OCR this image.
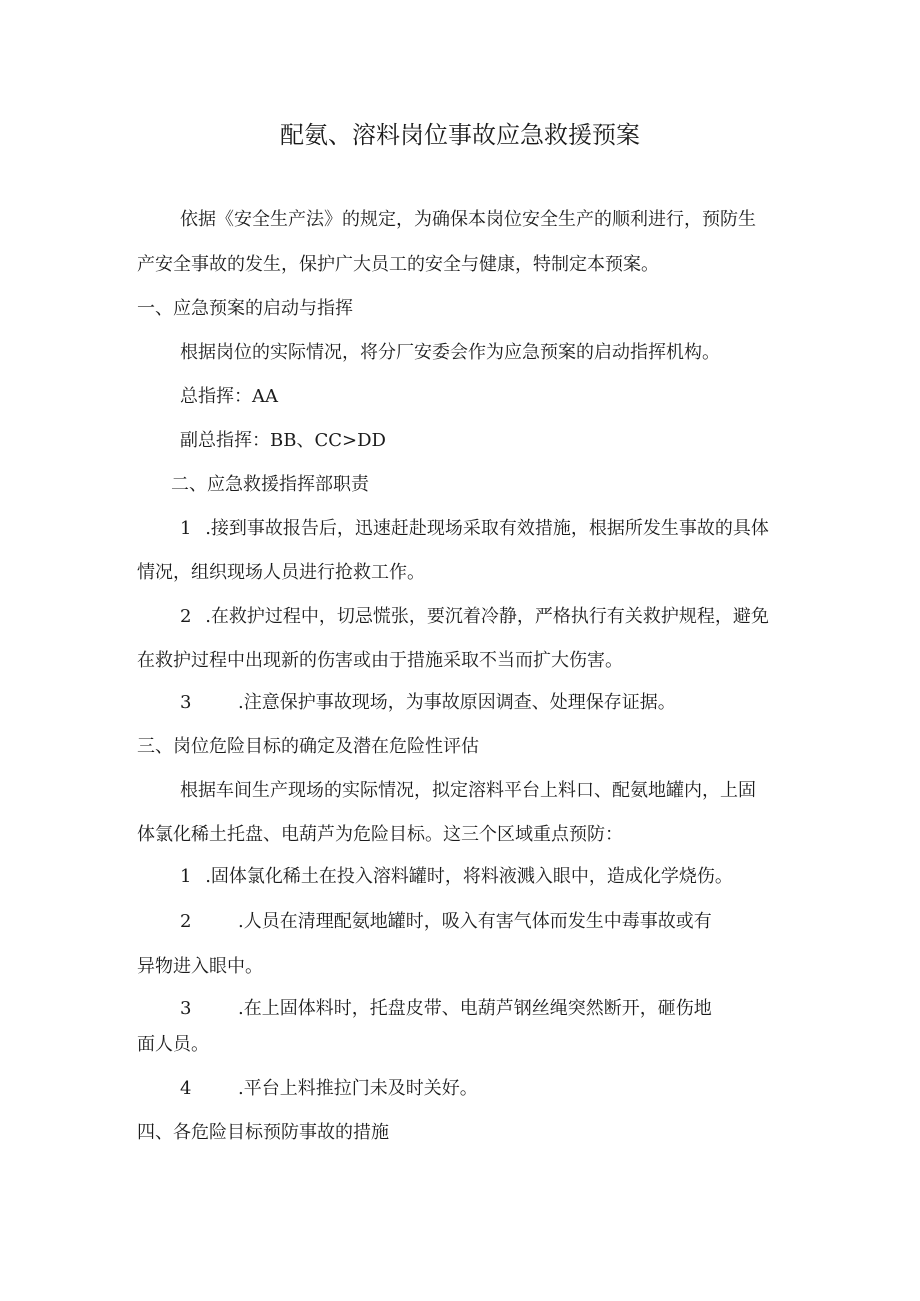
配氨、溶料岗位事故应急救援预案
依据《安全生产法》的规定，为确保本岗位安全生产的顺利进行，预防生
产安全事故的发生，保护广大员工的安全与健康，特制定本预案。
一、应急预案的启动与指挥
根据岗位的实际情况，将分厂安委会作为应急预案的启动指挥机构。
总指挥：AA
副总指挥：BB、CC>DD
二、应急救援指挥部职责
1 .接到事故报告后，迅速赶赴现场采取有效措施，根据所发生事故的具体
情况，组织现场人员进行抢救工作。
2 .在救护过程中，切忌慌张，要沉着冷静，严格执行有关救护规程，避免
在救护过程中出现新的伤害或由于措施采取不当而扩大伤害。
3	.注意保护事故现场，为事故原因调查、处理保存证据。
三、岗位危险目标的确定及潜在危险性评估
根据车间生产现场的实际情况，拟定溶料平台上料口、配氨地罐内，上固
体氯化稀土托盘、电葫芦为危险目标。这三个区域重点预防：
1 .固体氯化稀土在投入溶料罐时，将料液溅入眼中，造成化学烧伤。
2	.人员在清理配氨地罐时，吸入有害气体而发生中毒事故或有
异物进入眼中。
3	.在上固体料时，托盘皮带、电葫芦钢丝绳突然断开，砸伤地
面人员。
4	.平台上料推拉门未及时关好。
四、各危险目标预防事故的措施
